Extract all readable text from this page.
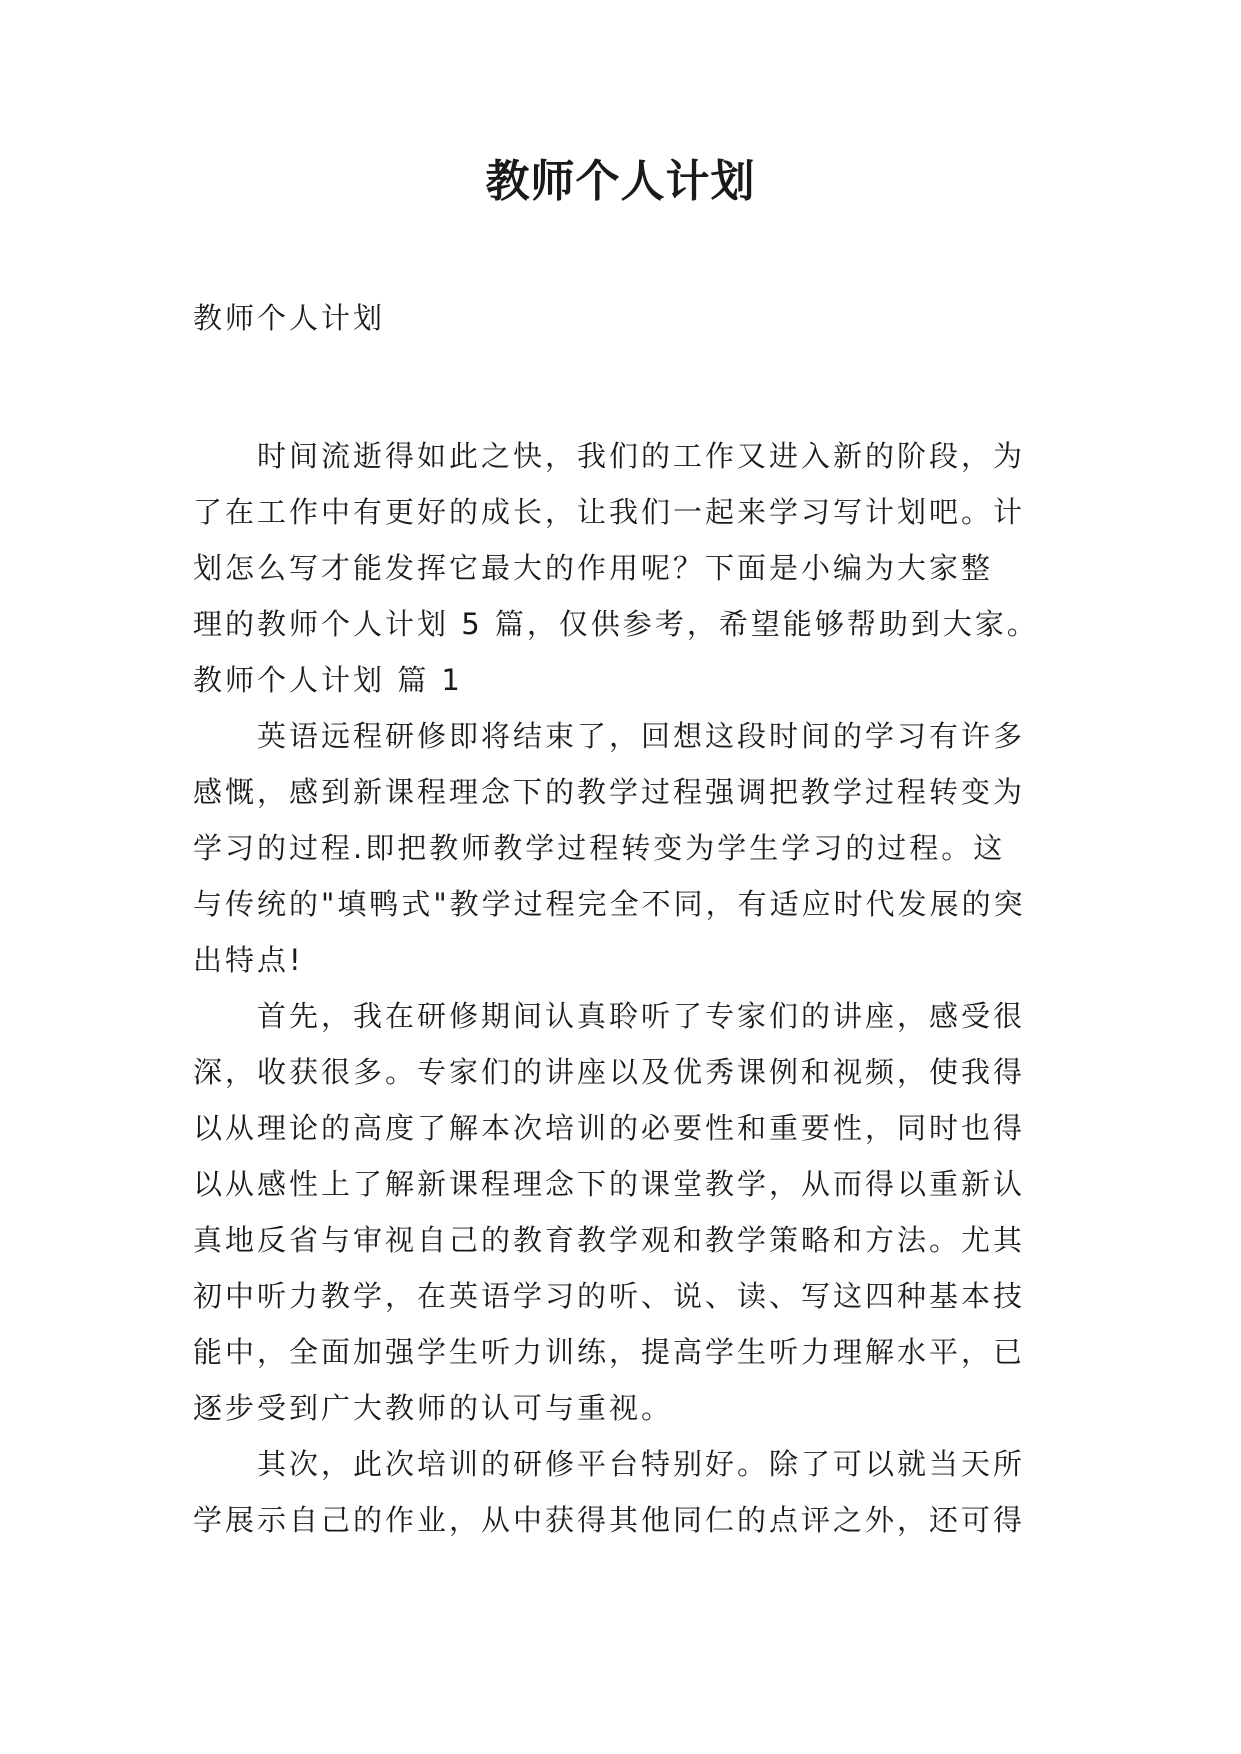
教师个人计划
教师个人计划
时间流逝得如此之快，我们的工作又进入新的阶段，为
了在工作中有更好的成长，让我们一起来学习写计划吧。计
划怎么写才能发挥它最大的作用呢？下面是小编为大家整
理的教师个人计划 5 篇，仅供参考，希望能够帮助到大家。
教师个人计划 篇 1
英语远程研修即将结束了，回想这段时间的学习有许多
感慨，感到新课程理念下的教学过程强调把教学过程转变为
学习的过程.即把教师教学过程转变为学生学习的过程。这
与传统的"填鸭式"教学过程完全不同，有适应时代发展的突
出特点!
首先，我在研修期间认真聆听了专家们的讲座，感受很
深，收获很多。专家们的讲座以及优秀课例和视频，使我得
以从理论的高度了解本次培训的必要性和重要性，同时也得
以从感性上了解新课程理念下的课堂教学，从而得以重新认
真地反省与审视自己的教育教学观和教学策略和方法。尤其
初中听力教学，在英语学习的听、说、读、写这四种基本技
能中，全面加强学生听力训练，提高学生听力理解水平，已
逐步受到广大教师的认可与重视。
其次，此次培训的研修平台特别好。除了可以就当天所
学展示自己的作业，从中获得其他同仁的点评之外，还可得
